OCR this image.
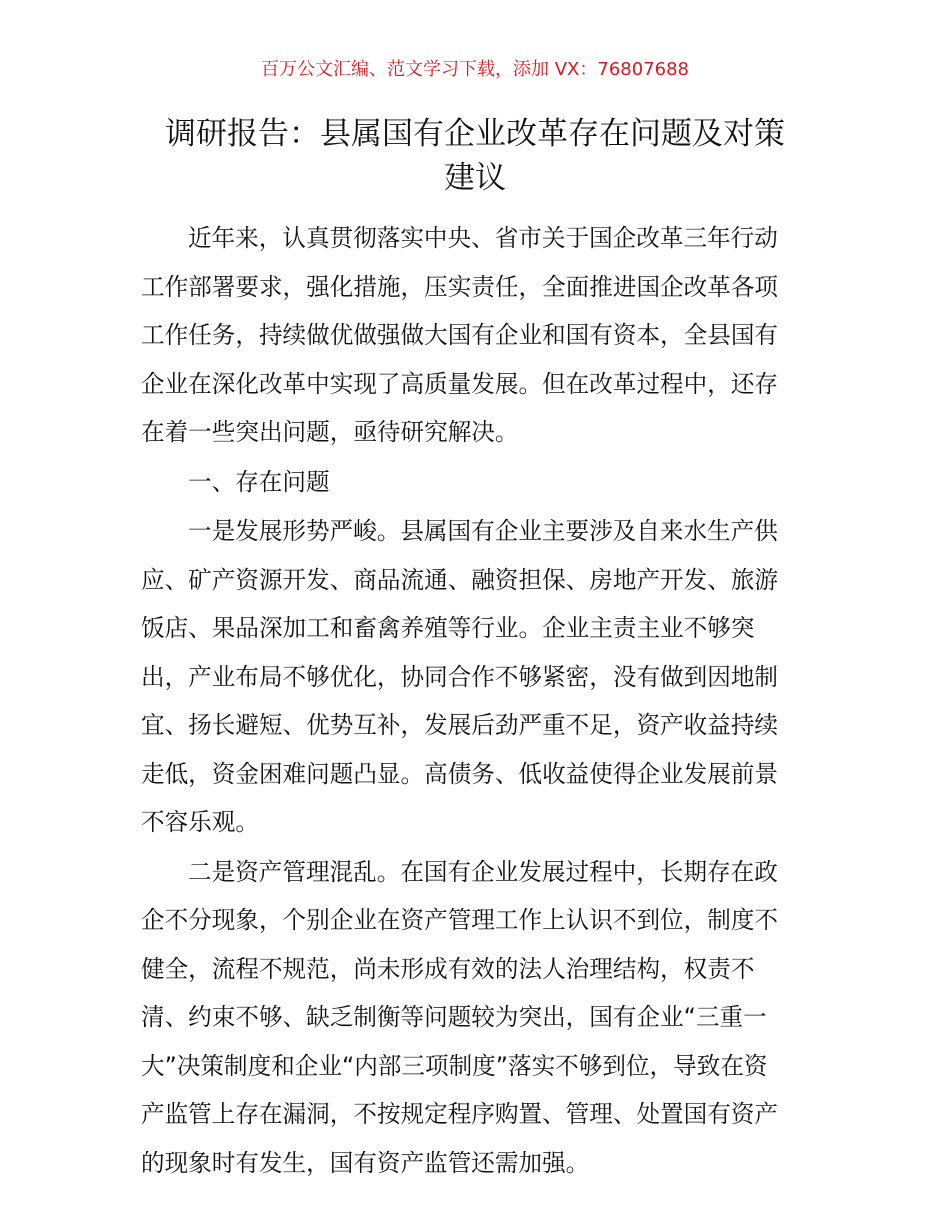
百万公文汇编、范文学习下载，添加 VX：76807688
调研报告：县属国有企业改革存在问题及对策
建议
近年来，认真贯彻落实中央、省市关于国企改革三年行动
工作部署要求，强化措施，压实责任，全面推进国企改革各项
工作任务，持续做优做强做大国有企业和国有资本，全县国有
企业在深化改革中实现了高质量发展。但在改革过程中，还存
在着一些突出问题，亟待研究解决。
一、存在问题
一是发展形势严峻。县属国有企业主要涉及自来水生产供
应、矿产资源开发、商品流通、融资担保、房地产开发、旅游
饭店、果品深加工和畜禽养殖等行业。企业主责主业不够突
出，产业布局不够优化，协同合作不够紧密，没有做到因地制
宜、扬长避短、优势互补，发展后劲严重不足，资产收益持续
走低，资金困难问题凸显。高债务、低收益使得企业发展前景
不容乐观。
二是资产管理混乱。在国有企业发展过程中，长期存在政
企不分现象，个别企业在资产管理工作上认识不到位，制度不
健全，流程不规范，尚未形成有效的法人治理结构，权责不
清、约束不够、缺乏制衡等问题较为突出，国有企业“三重一
大”决策制度和企业“内部三项制度”落实不够到位，导致在资
产监管上存在漏洞，不按规定程序购置、管理、处置国有资产
的现象时有发生，国有资产监管还需加强。
